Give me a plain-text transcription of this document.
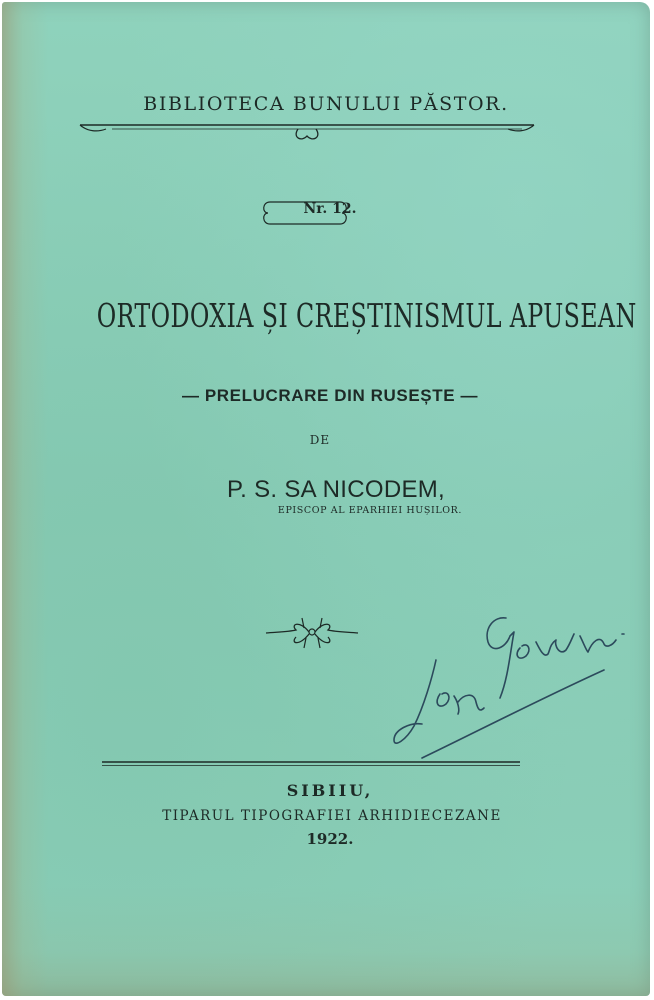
BIBLIOTECA BUNULUI PĂSTOR.
Nr. 12.
ORTODOXIA ȘI CREȘTINISMUL APUSEAN
— PRELUCRARE DIN RUSEȘTE —
DE
P. S. SA NICODEM,
EPISCOP AL EPARHIEI HUȘILOR.
SIBIIU,
TIPARUL TIPOGRAFIEI ARHIDIECEZANE
1922.
